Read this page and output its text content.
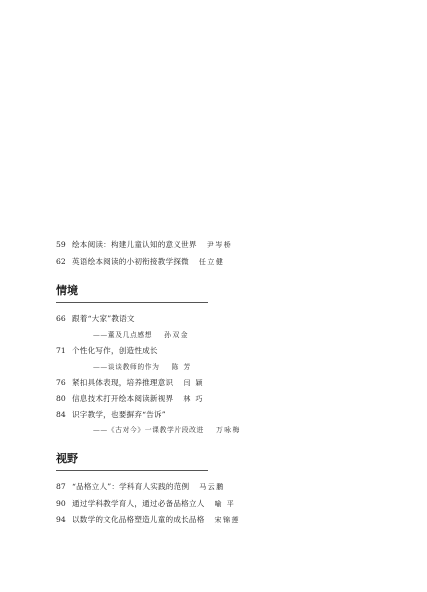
59 绘本阅读：构建儿童认知的意义世界 尹岑桥
62 英语绘本阅读的小初衔接教学探微 任立健
情境
66 跟着“大家”教语文
——董及几点感想 孙双金
71 个性化写作，创造性成长
——谈谈教师的作为 陈 芳
76 紧扣具体表现，培养推理意识 闫 颖
80 信息技术打开绘本阅读新视界 林 巧
84 识字教学，也要摒弃“告诉”
——《古对今》一课教学片段改进 万咏梅
视野
87 “品格立人”：学科育人实践的范例 马云鹏
90 通过学科教学育人，通过必备品格立人 喻 平
94 以数学的文化品格塑造儿童的成长品格 宋锦莲
